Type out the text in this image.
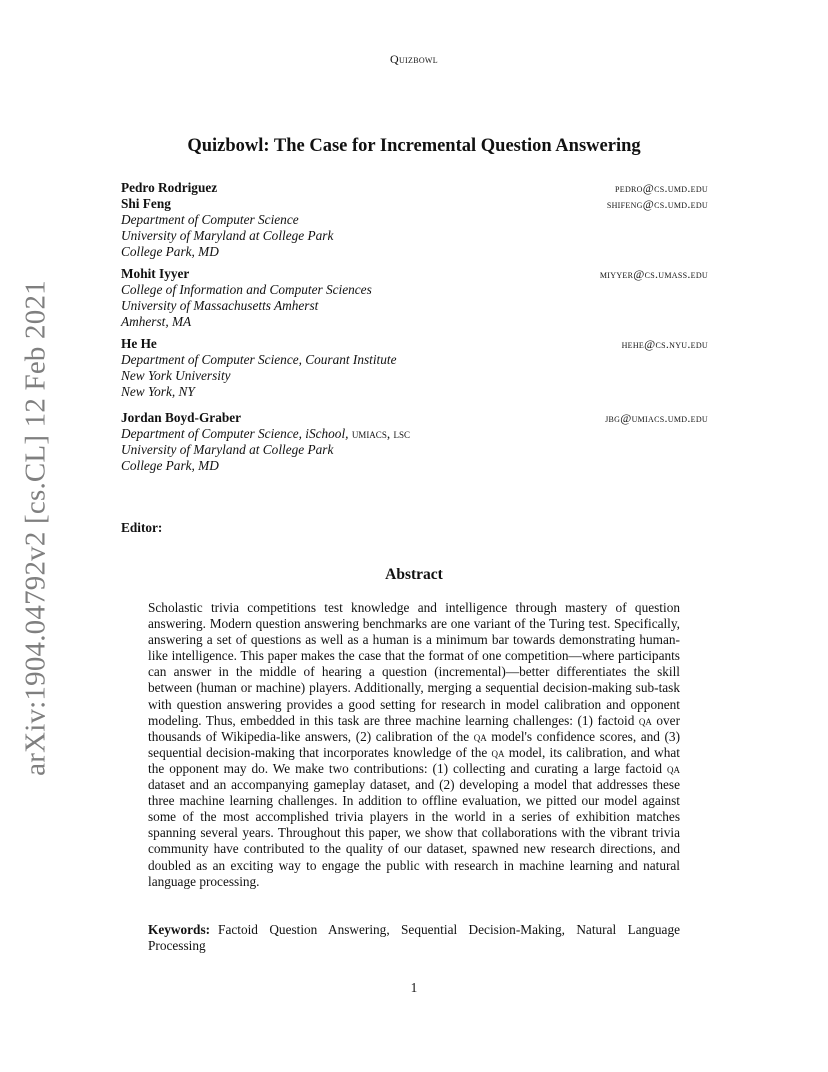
Quizbowl
arXiv:1904.04792v2 [cs.CL] 12 Feb 2021
Quizbowl: The Case for Incremental Question Answering
Pedro Rodriguez	pedro@cs.umd.edu
Shi Feng	shifeng@cs.umd.edu
Department of Computer Science
University of Maryland at College Park
College Park, MD
Mohit Iyyer	miyyer@cs.umass.edu
College of Information and Computer Sciences
University of Massachusetts Amherst
Amherst, MA
He He	hehe@cs.nyu.edu
Department of Computer Science, Courant Institute
New York University
New York, NY
Jordan Boyd-Graber	jbg@umiacs.umd.edu
Department of Computer Science, iSchool, umiacs, lsc
University of Maryland at College Park
College Park, MD
Editor:
Abstract
Scholastic trivia competitions test knowledge and intelligence through mastery of question answering. Modern question answering benchmarks are one variant of the Turing test. Specifically, answering a set of questions as well as a human is a minimum bar towards demonstrating human-like intelligence. This paper makes the case that the format of one competition—where participants can answer in the middle of hearing a question (incremental)—better differentiates the skill between (human or machine) players. Additionally, merging a sequential decision-making sub-task with question answering provides a good setting for research in model calibration and opponent modeling. Thus, embedded in this task are three machine learning challenges: (1) factoid qa over thousands of Wikipedia-like answers, (2) calibration of the qa model's confidence scores, and (3) sequential decision-making that incorporates knowledge of the qa model, its calibration, and what the opponent may do. We make two contributions: (1) collecting and curating a large factoid qa dataset and an accompanying gameplay dataset, and (2) developing a model that addresses these three machine learning challenges. In addition to offline evaluation, we pitted our model against some of the most accomplished trivia players in the world in a series of exhibition matches spanning several years. Throughout this paper, we show that collaborations with the vibrant trivia community have contributed to the quality of our dataset, spawned new research directions, and doubled as an exciting way to engage the public with research in machine learning and natural language processing.
Keywords: Factoid Question Answering, Sequential Decision-Making, Natural Language Processing
1
